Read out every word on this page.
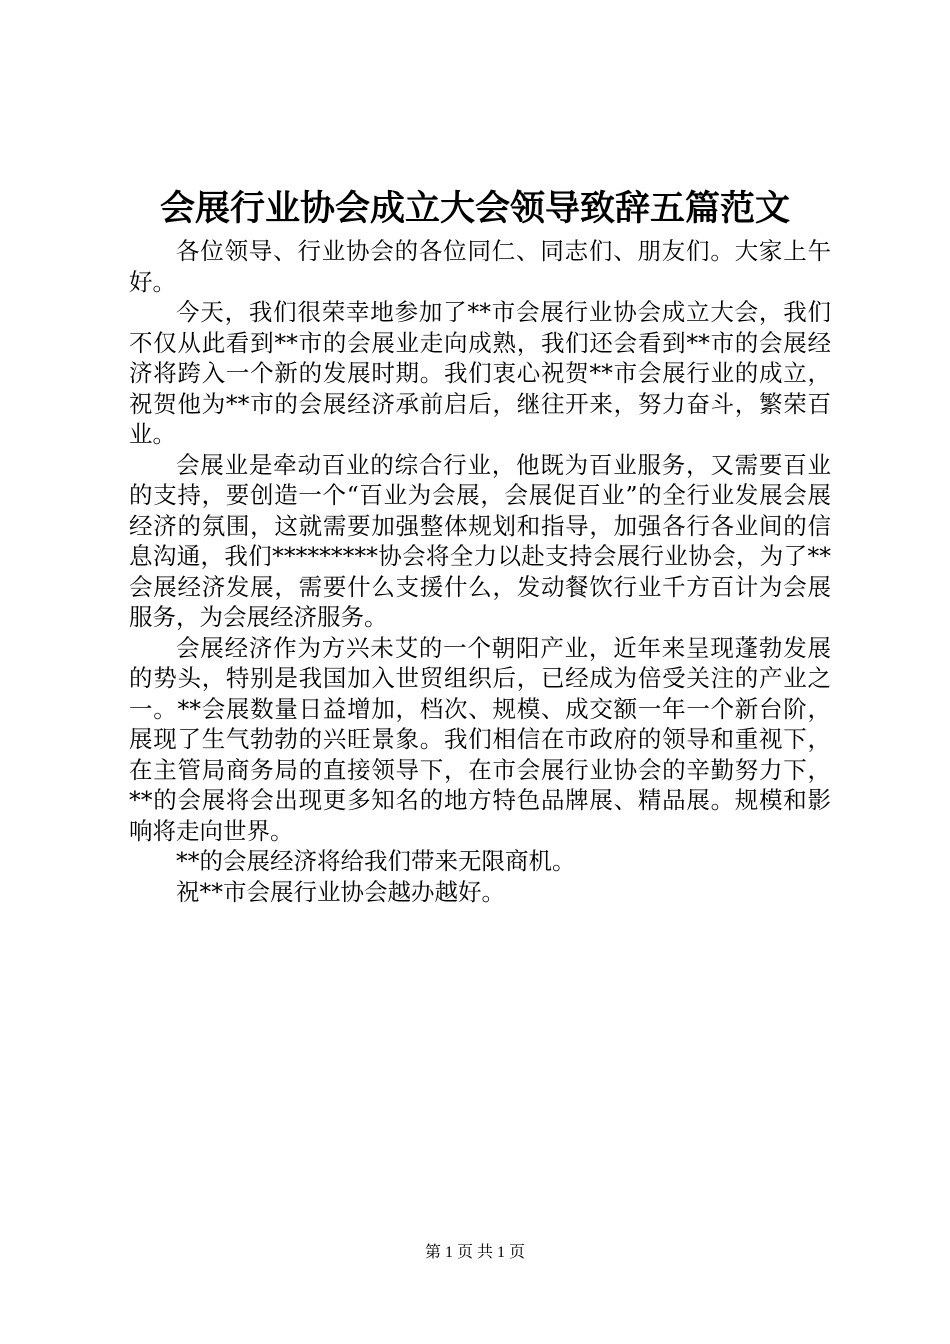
会展行业协会成立大会领导致辞五篇范文

各位领导、行业协会的各位同仁、同志们、朋友们。大家上午好。

今天，我们很荣幸地参加了**市会展行业协会成立大会，我们不仅从此看到**市的会展业走向成熟，我们还会看到**市的会展经济将跨入一个新的发展时期。我们衷心祝贺**市会展行业的成立，祝贺他为**市的会展经济承前启后，继往开来，努力奋斗，繁荣百业。

会展业是牵动百业的综合行业，他既为百业服务，又需要百业的支持，要创造一个“百业为会展，会展促百业”的全行业发展会展经济的氛围，这就需要加强整体规划和指导，加强各行各业间的信息沟通，我们*********协会将全力以赴支持会展行业协会，为了**会展经济发展，需要什么支援什么，发动餐饮行业千方百计为会展服务，为会展经济服务。

会展经济作为方兴未艾的一个朝阳产业，近年来呈现蓬勃发展的势头，特别是我国加入世贸组织后，已经成为倍受关注的产业之一。**会展数量日益增加，档次、规模、成交额一年一个新台阶，展现了生气勃勃的兴旺景象。我们相信在市政府的领导和重视下，在主管局商务局的直接领导下，在市会展行业协会的辛勤努力下，**的会展将会出现更多知名的地方特色品牌展、精品展。规模和影响将走向世界。

**的会展经济将给我们带来无限商机。

祝**市会展行业协会越办越好。

第 1 页 共 1 页
